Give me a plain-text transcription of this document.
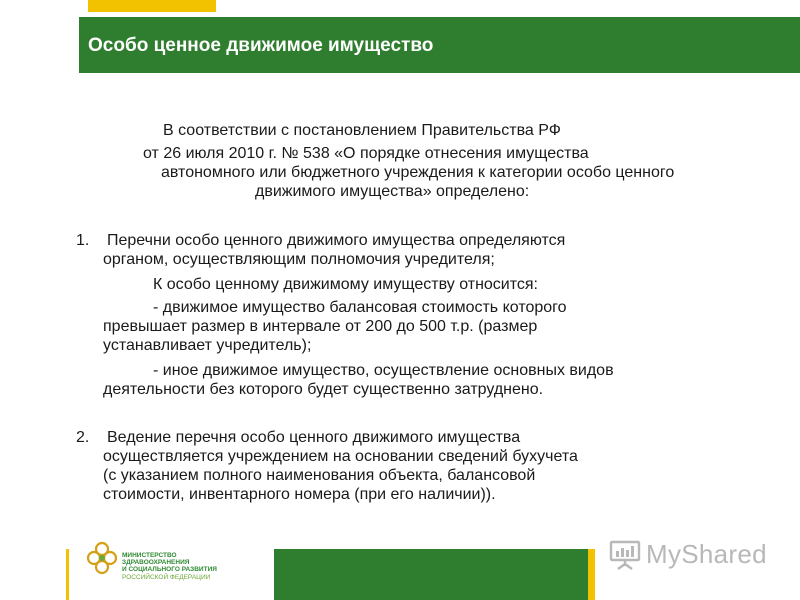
Особо ценное движимое имущество
В соответствии с постановлением Правительства РФ
от 26 июля 2010 г. № 538 «О порядке отнесения имущества
автономного или бюджетного учреждения к категории особо ценного
движимого имущества» определено:
1. Перечни особо ценного движимого имущества определяются
органом, осуществляющим полномочия учредителя;
К особо ценному движимому имуществу относится:
- движимое имущество балансовая стоимость которого
превышает размер в интервале от 200 до 500 т.р. (размер
устанавливает учредитель);
- иное движимое имущество, осуществление основных видов
деятельности без которого будет существенно затруднено.
2. Ведение перечня особо ценного движимого имущества
осуществляется учреждением на основании сведений бухучета
(с указанием полного наименования объекта, балансовой
стоимости, инвентарного номера (при его наличии)).
МИНИСТЕРСТВО
ЗДРАВООХРАНЕНИЯ
И СОЦИАЛЬНОГО РАЗВИТИЯ
РОССИЙСКОЙ ФЕДЕРАЦИИ
MyShared
